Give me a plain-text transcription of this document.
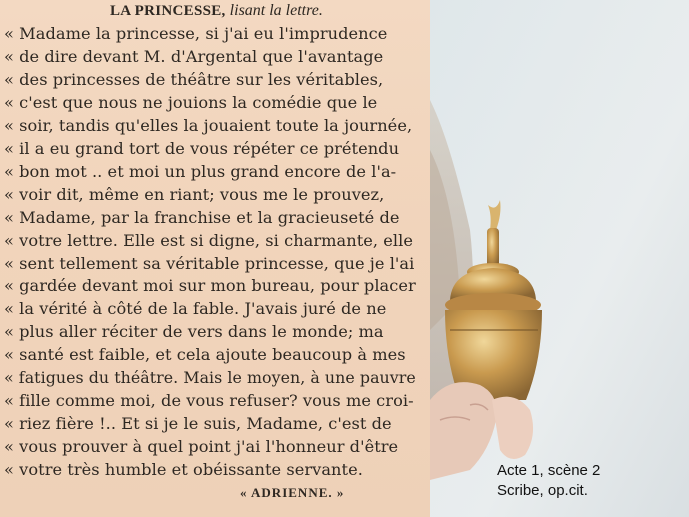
LA PRINCESSE, lisant la lettre.
« Madame la princesse, si j'ai eu l'imprudence
« de dire devant M. d'Argental que l'avantage
« des princesses de théâtre sur les véritables,
« c'est que nous ne jouions la comédie que le
« soir, tandis qu'elles la jouaient toute la journée,
« il a eu grand tort de vous répéter ce prétendu
« bon mot .. et moi un plus grand encore de l'a-
« voir dit, même en riant; vous me le prouvez,
« Madame, par la franchise et la gracieuseté de
« votre lettre. Elle est si digne, si charmante, elle
« sent tellement sa véritable princesse, que je l'ai
« gardée devant moi sur mon bureau, pour placer
« la vérité à côté de la fable. J'avais juré de ne
« plus aller réciter de vers dans le monde; ma
« santé est faible, et cela ajoute beaucoup à mes
« fatigues du théâtre. Mais le moyen, à une pauvre
« fille comme moi, de vous refuser? vous me croi-
« riez fière !.. Et si je le suis, Madame, c'est de
« vous prouver à quel point j'ai l'honneur d'être
« votre très humble et obéissante servante.
« ADRIENNE. »
Acte 1, scène 2
Scribe, op.cit.
